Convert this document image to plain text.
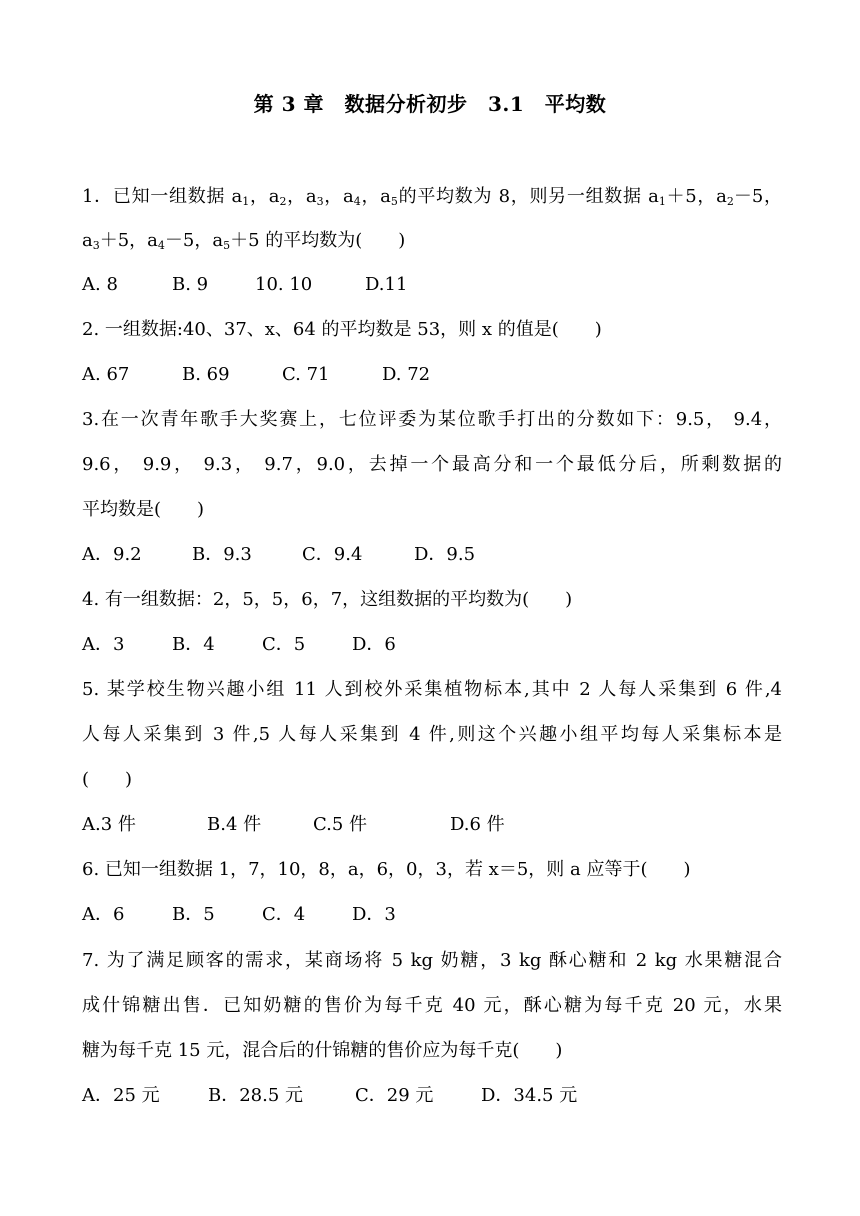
第 3 章　数据分析初步　3.1　平均数
1．已知一组数据 $a_1$，$a_2$，$a_3$，$a_4$，$a_5$的平均数为 8，则另一组数据 $a_1+5$，$a_2-5$，
$a_3+5$，$a_4-5$，$a_5+5$ 的平均数为(　　)
A. 8	B. 9	10. 10	D.11
2. 一组数据:40、37、x、64 的平均数是 53，则 x 的值是(　　)
A. 67	B. 69	C. 71	D. 72
3.在一次青年歌手大奖赛上，七位评委为某位歌手打出的分数如下：9.5， 9.4，
9.6， 9.9， 9.3， 9.7，9.0，去掉一个最高分和一个最低分后，所剩数据的
平均数是(　　)
A．9.2	B．9.3	C．9.4	D．9.5
4. 有一组数据：2，5，5，6，7，这组数据的平均数为(　　)
A．3	B．4	C．5	D．6
5. 某学校生物兴趣小组 11 人到校外采集植物标本,其中 2 人每人采集到 6 件,4
人每人采集到 3 件,5 人每人采集到 4 件,则这个兴趣小组平均每人采集标本是
(　　)
A.3 件	B.4 件	C.5 件	D.6 件
6. 已知一组数据 1，7，10，8，a，6，0，3，若 x＝5，则 a 应等于(　　)
A．6	B．5	C．4	D．3
7. 为了满足顾客的需求，某商场将 5 kg 奶糖，3 kg 酥心糖和 2 kg 水果糖混合
成什锦糖出售．已知奶糖的售价为每千克 40 元，酥心糖为每千克 20 元，水果
糖为每千克 15 元，混合后的什锦糖的售价应为每千克(　　)
A．25 元	B．28.5 元	C．29 元	D．34.5 元
